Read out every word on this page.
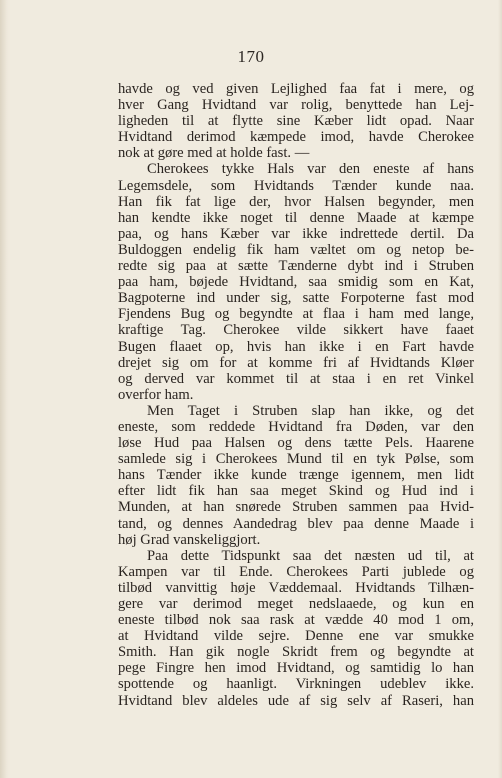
170
havde og ved given Lejlighed faa fat i mere, og
hver Gang Hvidtand var rolig, benyttede han Lej-
ligheden til at flytte sine Kæber lidt opad. Naar
Hvidtand derimod kæmpede imod, havde Cherokee
nok at gøre med at holde fast. —
Cherokees tykke Hals var den eneste af hans
Legemsdele, som Hvidtands Tænder kunde naa.
Han fik fat lige der, hvor Halsen begynder, men
han kendte ikke noget til denne Maade at kæmpe
paa, og hans Kæber var ikke indrettede dertil. Da
Buldoggen endelig fik ham væltet om og netop be-
redte sig paa at sætte Tænderne dybt ind i Struben
paa ham, bøjede Hvidtand, saa smidig som en Kat,
Bagpoterne ind under sig, satte Forpoterne fast mod
Fjendens Bug og begyndte at flaa i ham med lange,
kraftige Tag. Cherokee vilde sikkert have faaet
Bugen flaaet op, hvis han ikke i en Fart havde
drejet sig om for at komme fri af Hvidtands Kløer
og derved var kommet til at staa i en ret Vinkel
overfor ham.
Men Taget i Struben slap han ikke, og det
eneste, som reddede Hvidtand fra Døden, var den
løse Hud paa Halsen og dens tætte Pels. Haarene
samlede sig i Cherokees Mund til en tyk Pølse, som
hans Tænder ikke kunde trænge igennem, men lidt
efter lidt fik han saa meget Skind og Hud ind i
Munden, at han snørede Struben sammen paa Hvid-
tand, og dennes Aandedrag blev paa denne Maade i
høj Grad vanskeliggjort.
Paa dette Tidspunkt saa det næsten ud til, at
Kampen var til Ende. Cherokees Parti jublede og
tilbød vanvittig høje Væddemaal. Hvidtands Tilhæn-
gere var derimod meget nedslaaede, og kun en
eneste tilbød nok saa rask at vædde 40 mod 1 om,
at Hvidtand vilde sejre. Denne ene var smukke
Smith. Han gik nogle Skridt frem og begyndte at
pege Fingre hen imod Hvidtand, og samtidig lo han
spottende og haanligt. Virkningen udeblev ikke.
Hvidtand blev aldeles ude af sig selv af Raseri, han
